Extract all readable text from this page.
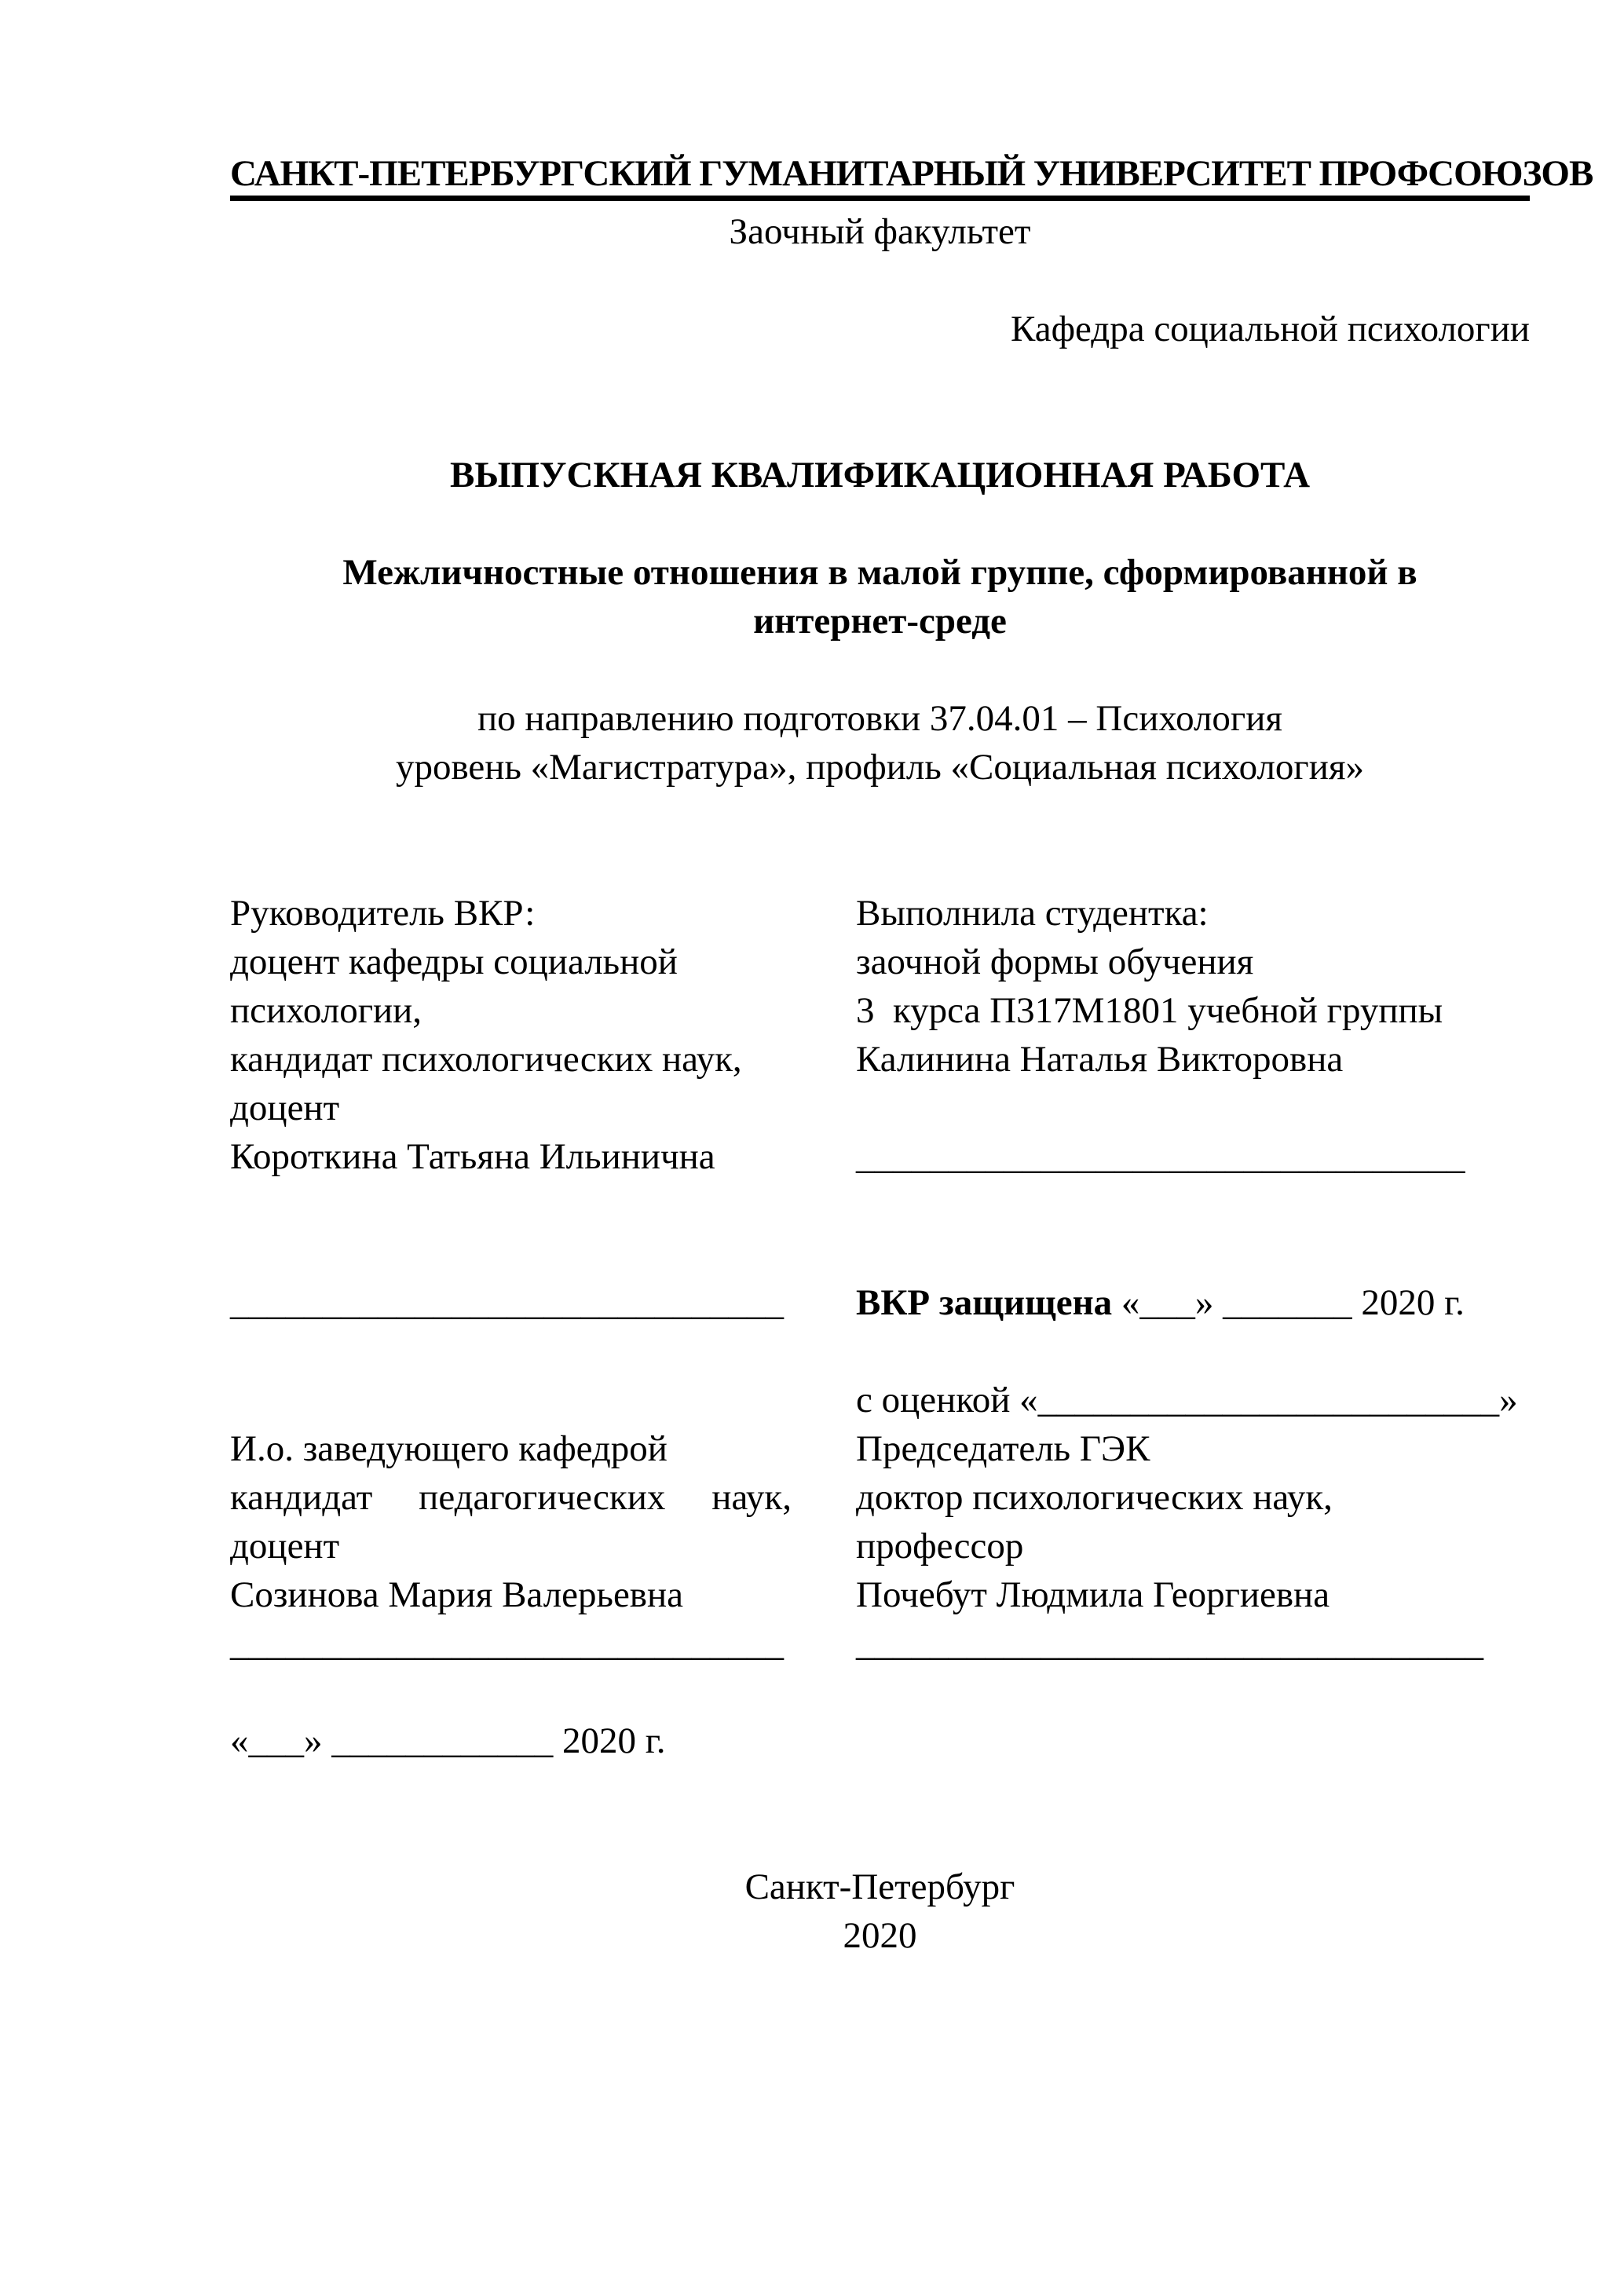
САНКТ-ПЕТЕРБУРГСКИЙ ГУМАНИТАРНЫЙ УНИВЕРСИТЕТ ПРОФСОЮЗОВ
Заочный факультет
Кафедра социальной психологии
ВЫПУСКНАЯ КВАЛИФИКАЦИОННАЯ РАБОТА
Межличностные отношения в малой группе, сформированной в
интернет-среде
по направлению подготовки 37.04.01 – Психология
уровень «Магистратура», профиль «Социальная психология»
Руководитель ВКР:
доцент кафедры социальной
психологии,
кандидат психологических наук,
доцент
Короткина Татьяна Ильинична
Выполнила студентка:
заочной формы обучения
3  курса П317М1801 учебной группы
Калинина Наталья Викторовна
_________________________________
______________________________
И.о. заведующего кафедрой
кандидат педагогических наук,
доцент
Созинова Мария Валерьевна
______________________________
«___» ____________ 2020 г.
ВКР защищена «___» _______ 2020 г.
с оценкой «_________________________»
Председатель ГЭК
доктор психологических наук,
профессор
Почебут Людмила Георгиевна
__________________________________
Санкт-Петербург
2020
